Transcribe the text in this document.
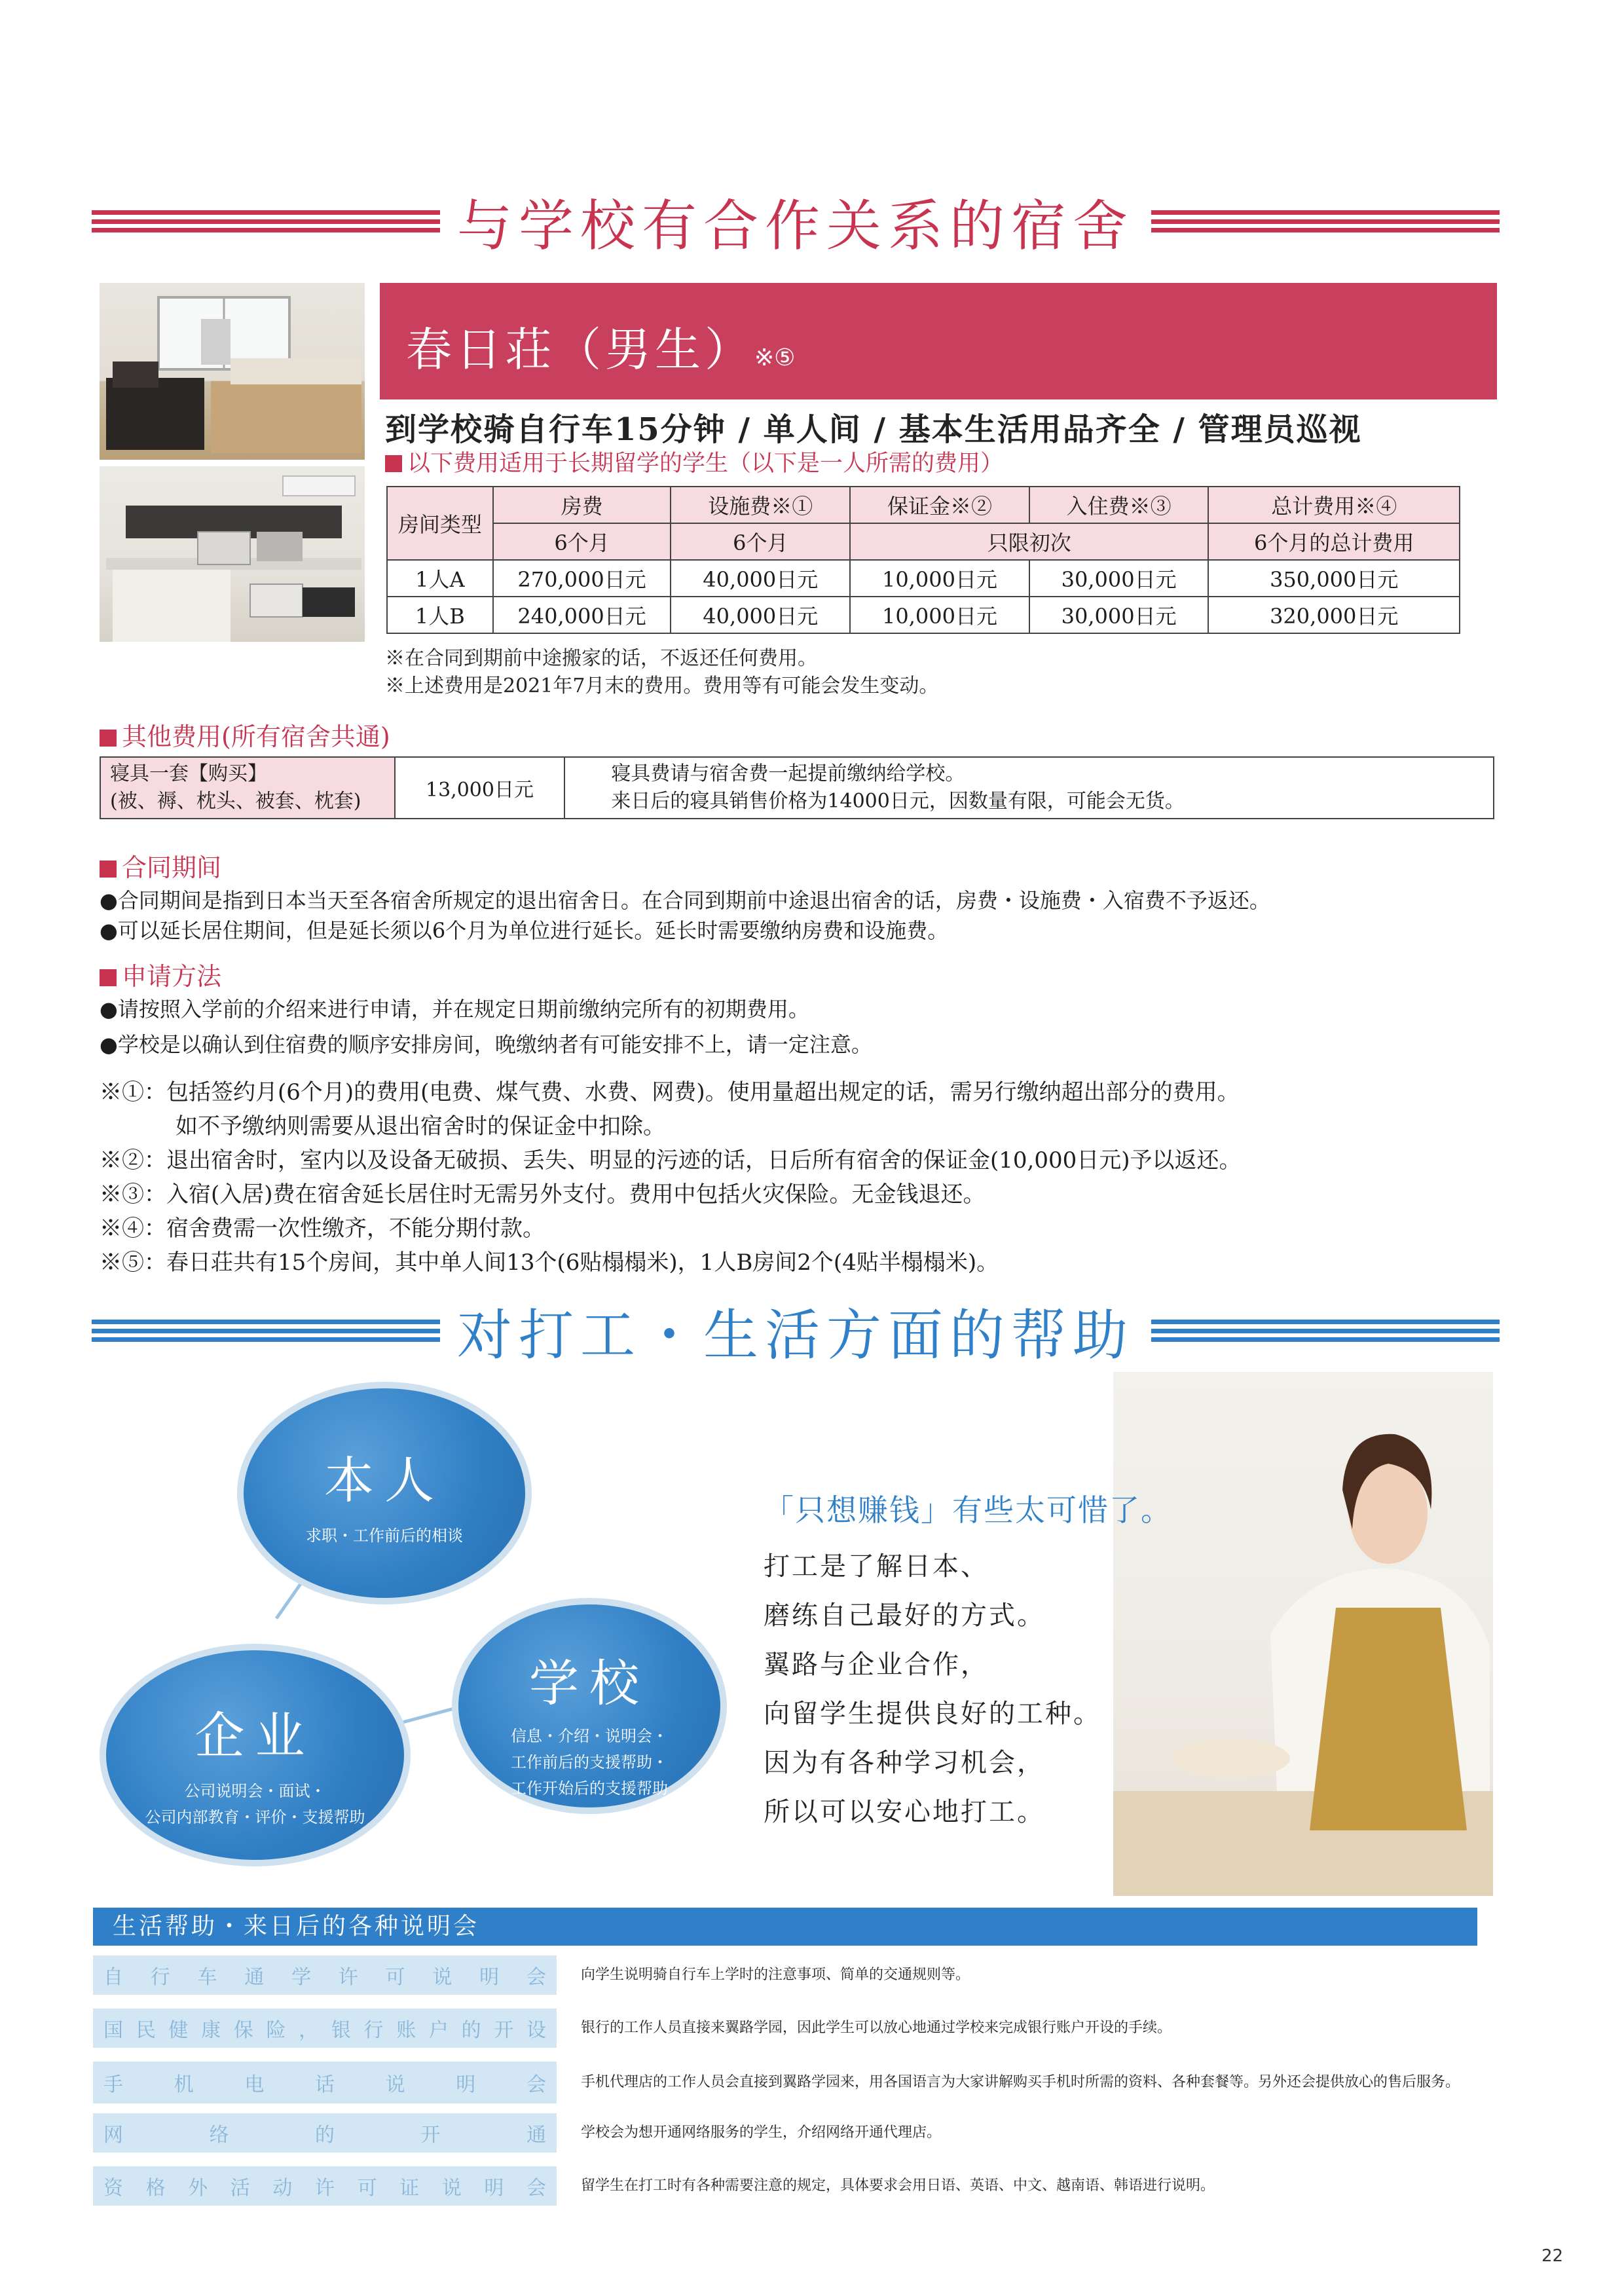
与学校有合作关系的宿舍
春日荘（男生）※⑤
到学校骑自行车15分钟 / 单人间 / 基本生活用品齐全 / 管理员巡视
以下费用适用于长期留学的学生（以下是一人所需的费用）
房间类型	房费	设施费※①	保证金※②	入住费※③	总计费用※④
	6个月	6个月	只限初次		6个月的总计费用
1人A	270,000日元	40,000日元	10,000日元	30,000日元	350,000日元
1人B	240,000日元	40,000日元	10,000日元	30,000日元	320,000日元
※在合同到期前中途搬家的话，不返还任何费用。
※上述费用是2021年7月末的费用。费用等有可能会发生变动。
其他费用(所有宿舍共通)
寝具一套【购买】
(被、褥、枕头、被套、枕套)	13,000日元	
寝具费请与宿舍费一起提前缴纳给学校。
来日后的寝具销售价格为14000日元，因数量有限，可能会无货。
合同期间
●合同期间是指到日本当天至各宿舍所规定的退出宿舍日。在合同到期前中途退出宿舍的话，房费・设施费・入宿费不予返还。
●可以延长居住期间，但是延长须以6个月为单位进行延长。延长时需要缴纳房费和设施费。
申请方法
●请按照入学前的介绍来进行申请，并在规定日期前缴纳完所有的初期费用。
●学校是以确认到住宿费的顺序安排房间，晚缴纳者有可能安排不上，请一定注意。
※①：包括签约月(6个月)的费用(电费、煤气费、水费、网费)。使用量超出规定的话，需另行缴纳超出部分的费用。
如不予缴纳则需要从退出宿舍时的保证金中扣除。
※②：退出宿舍时，室内以及设备无破损、丢失、明显的污迹的话，日后所有宿舍的保证金(10,000日元)予以返还。
※③：入宿(入居)费在宿舍延长居住时无需另外支付。费用中包括火灾保险。无金钱退还。
※④：宿舍费需一次性缴齐，不能分期付款。
※⑤：春日荘共有15个房间，其中单人间13个(6贴榻榻米)，1人B房间2个(4贴半榻榻米)。
对打工・生活方面的帮助
本人
求职・工作前后的相谈
学校
信息・介绍・说明会・
工作前后的支援帮助・
工作开始后的支援帮助
企业
公司说明会・面试・
公司内部教育・评价・支援帮助
「只想赚钱」有些太可惜了。
打工是了解日本、
磨练自己最好的方式。
翼路与企业合作，
向留学生提供良好的工种。
因为有各种学习机会，
所以可以安心地打工。
生活帮助・来日后的各种说明会
自 行 车 通 学 许 可 说 明 会 向学生说明骑自行车上学时的注意事项、简单的交通规则等。
国 民 健 康 保 险 ， 银 行 账 户 的 开 设 银行的工作人员直接来翼路学园，因此学生可以放心地通过学校来完成银行账户开设的手续。
手	机	电	话	说	明	会 手机代理店的工作人员会直接到翼路学园来，用各国语言为大家讲解购买手机时所需的资料、各种套餐等。另外还会提供放心的售后服务。
网	络	的	开	通 学校会为想开通网络服务的学生，介绍网络开通代理店。
资 格 外 活 动 许 可 证 说 明 会 留学生在打工时有各种需要注意的规定，具体要求会用日语、英语、中文、越南语、韩语进行说明。
22
